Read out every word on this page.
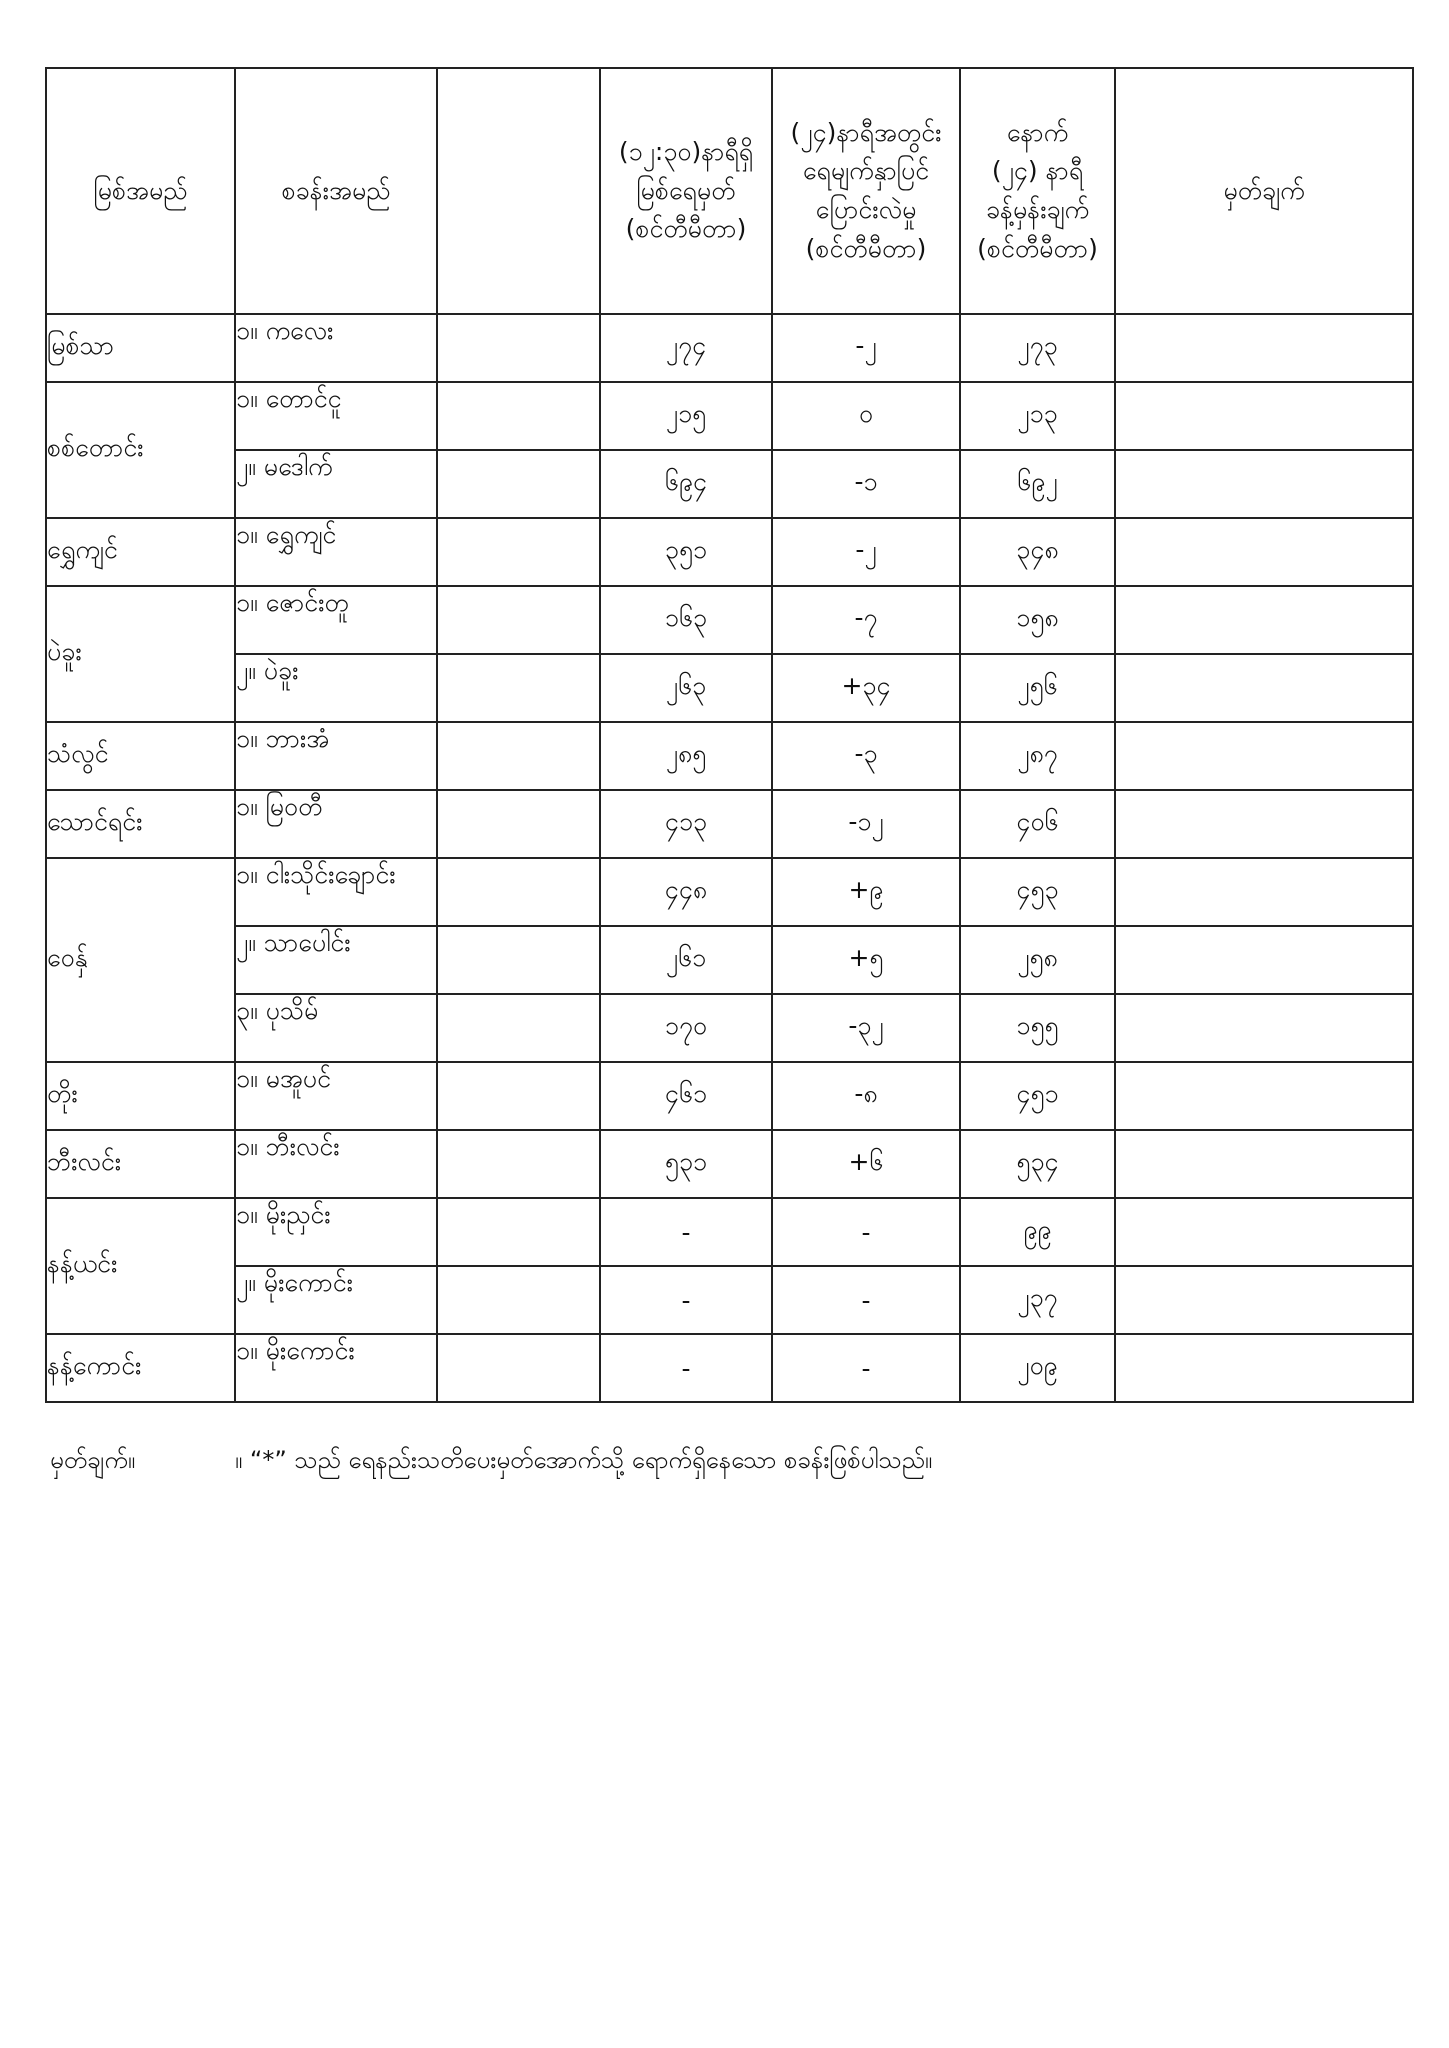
မြစ်အမည်	စခန်းအမည်		(၁၂:၃၀)နာရီရှိ
မြစ်ရေမှတ်
(စင်တီမီတာ)	(၂၄)နာရီအတွင်း
ရေမျက်နှာပြင်
ပြောင်းလဲမှု
(စင်တီမီတာ)	နောက်
(၂၄) နာရီ
ခန့်မှန်းချက်
(စင်တီမီတာ)	မှတ်ချက်

မြစ်သာ	၁။ ကလေး		၂၇၄	-၂	၂၇၃	
စစ်တောင်း	၁။ တောင်ငူ		၂၁၅	၀	၂၁၃	
	၂။ မဒေါက်		၆၉၄	-၁	၆၉၂	
ရွှေကျင်	၁။ ရွှေကျင်		၃၅၁	-၂	၃၄၈	
ပဲခူး	၁။ ဇောင်းတူ		၁၆၃	-၇	၁၅၈	
	၂။ ပဲခူး		၂၆၃	+၃၄	၂၅၆	
သံလွင်	၁။ ဘားအံ		၂၈၅	-၃	၂၈၇	
သောင်ရင်း	၁။ မြဝတီ		၄၁၃	-၁၂	၄၀၆	
ဝေနှ်	၁။ ငါးသိုင်းချောင်း		၄၄၈	+၉	၄၅၃	
	၂။ သာပေါင်း		၂၆၁	+၅	၂၅၈	
	၃။ ပုသိမ်		၁၇၀	-၃၂	၁၅၅	
တိုး	၁။ မအူပင်		၄၆၁	-၈	၄၅၁	
ဘီးလင်း	၁။ ဘီးလင်း		၅၃၁	+၆	၅၃၄	
နန့်ယင်း	၁။ မိုးညှင်း		-	-	၉၉	
	၂။ မိုးကောင်း		-	-	၂၃၇	
နန့်ကောင်း	၁။ မိုးကောင်း		-	-	၂၀၉	
မှတ်ချက်။	။ “*” သည် ရေနည်းသတိပေးမှတ်အောက်သို့ ရောက်ရှိနေသော စခန်းဖြစ်ပါသည်။
